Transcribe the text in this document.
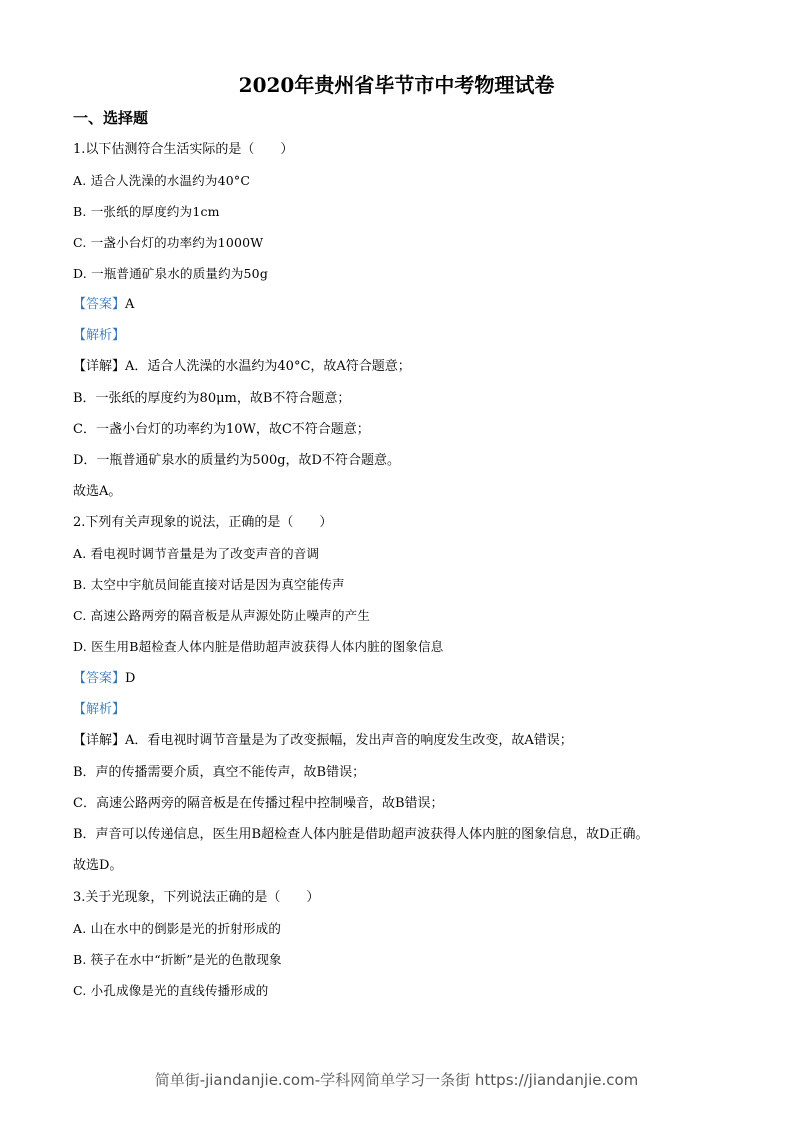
2020年贵州省毕节市中考物理试卷
一、选择题
1.以下估测符合生活实际的是（　　）
A. 适合人洗澡的水温约为40°C
B. 一张纸的厚度约为1cm
C. 一盏小台灯的功率约为1000W
D. 一瓶普通矿泉水的质量约为50g
【答案】A
【解析】
【详解】A．适合人洗澡的水温约为40°C，故A符合题意；
B．一张纸的厚度约为80μm，故B不符合题意；
C．一盏小台灯的功率约为10W，故C不符合题意；
D．一瓶普通矿泉水的质量约为500g，故D不符合题意。
故选A。
2.下列有关声现象的说法，正确的是（　　）
A. 看电视时调节音量是为了改变声音的音调
B. 太空中宇航员间能直接对话是因为真空能传声
C. 高速公路两旁的隔音板是从声源处防止噪声的产生
D. 医生用B超检查人体内脏是借助超声波获得人体内脏的图象信息
【答案】D
【解析】
【详解】A．看电视时调节音量是为了改变振幅，发出声音的响度发生改变，故A错误；
B．声的传播需要介质，真空不能传声，故B错误；
C．高速公路两旁的隔音板是在传播过程中控制噪音，故B错误；
B．声音可以传递信息，医生用B超检查人体内脏是借助超声波获得人体内脏的图象信息，故D正确。
故选D。
3.关于光现象，下列说法正确的是（　　）
A. 山在水中的倒影是光的折射形成的
B. 筷子在水中“折断”是光的色散现象
C. 小孔成像是光的直线传播形成的
简单街-jiandanjie.com-学科网简单学习一条街 https://jiandanjie.com
